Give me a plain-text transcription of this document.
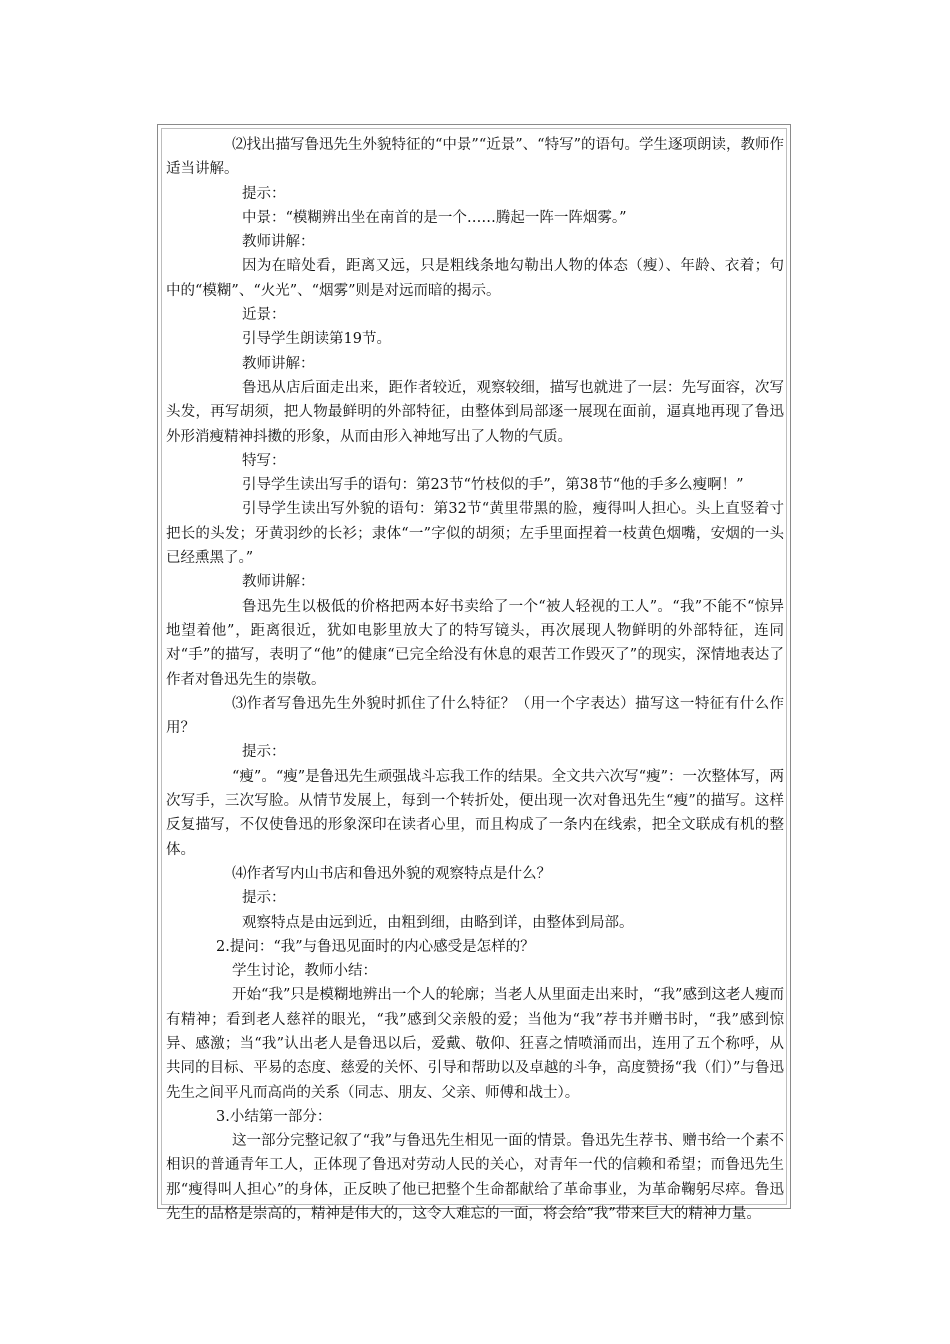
⑵找出描写鲁迅先生外貌特征的“中景”“近景”、“特写”的语句。学生逐项朗读，教师作适当讲解。

提示：

中景：“模糊辨出坐在南首的是一个……腾起一阵一阵烟雾。”

教师讲解：

因为在暗处看，距离又远，只是粗线条地勾勒出人物的体态（瘦）、年龄、衣着；句中的“模糊”、“火光”、“烟雾”则是对远而暗的揭示。

近景：

引导学生朗读第19节。

教师讲解：

鲁迅从店后面走出来，距作者较近，观察较细，描写也就进了一层：先写面容，次写头发，再写胡须，把人物最鲜明的外部特征，由整体到局部逐一展现在面前，逼真地再现了鲁迅外形消瘦精神抖擞的形象，从而由形入神地写出了人物的气质。

特写：

引导学生读出写手的语句：第23节“竹枝似的手”，第38节“他的手多么瘦啊！”

引导学生读出写外貌的语句：第32节“黄里带黑的脸，瘦得叫人担心。头上直竖着寸把长的头发；牙黄羽纱的长衫；隶体“一”字似的胡须；左手里面捏着一枝黄色烟嘴，安烟的一头已经熏黑了。”

教师讲解：

鲁迅先生以极低的价格把两本好书卖给了一个“被人轻视的工人”。“我”不能不“惊异地望着他”，距离很近，犹如电影里放大了的特写镜头，再次展现人物鲜明的外部特征，连同对“手”的描写，表明了“他”的健康“已完全给没有休息的艰苦工作毁灭了”的现实，深情地表达了作者对鲁迅先生的崇敬。

⑶作者写鲁迅先生外貌时抓住了什么特征？（用一个字表达）描写这一特征有什么作用？

提示：

“瘦”。“瘦”是鲁迅先生顽强战斗忘我工作的结果。全文共六次写“瘦”：一次整体写，两次写手，三次写脸。从情节发展上，每到一个转折处，便出现一次对鲁迅先生“瘦”的描写。这样反复描写，不仅使鲁迅的形象深印在读者心里，而且构成了一条内在线索，把全文联成有机的整体。

⑷作者写内山书店和鲁迅外貌的观察特点是什么？

提示：

观察特点是由远到近，由粗到细，由略到详，由整体到局部。

2.提问：“我”与鲁迅见面时的内心感受是怎样的？

学生讨论，教师小结：

开始“我”只是模糊地辨出一个人的轮廓；当老人从里面走出来时，“我”感到这老人瘦而有精神；看到老人慈祥的眼光，“我”感到父亲般的爱；当他为“我”荐书并赠书时，“我”感到惊异、感激；当“我”认出老人是鲁迅以后，爱戴、敬仰、狂喜之情喷涌而出，连用了五个称呼，从共同的目标、平易的态度、慈爱的关怀、引导和帮助以及卓越的斗争，高度赞扬“我（们）”与鲁迅先生之间平凡而高尚的关系（同志、朋友、父亲、师傅和战士）。

3.小结第一部分：

这一部分完整记叙了“我”与鲁迅先生相见一面的情景。鲁迅先生荐书、赠书给一个素不相识的普通青年工人，正体现了鲁迅对劳动人民的关心，对青年一代的信赖和希望；而鲁迅先生那“瘦得叫人担心”的身体，正反映了他已把整个生命都献给了革命事业，为革命鞠躬尽瘁。鲁迅先生的品格是崇高的，精神是伟大的，这令人难忘的一面，将会给“我”带来巨大的精神力量。
